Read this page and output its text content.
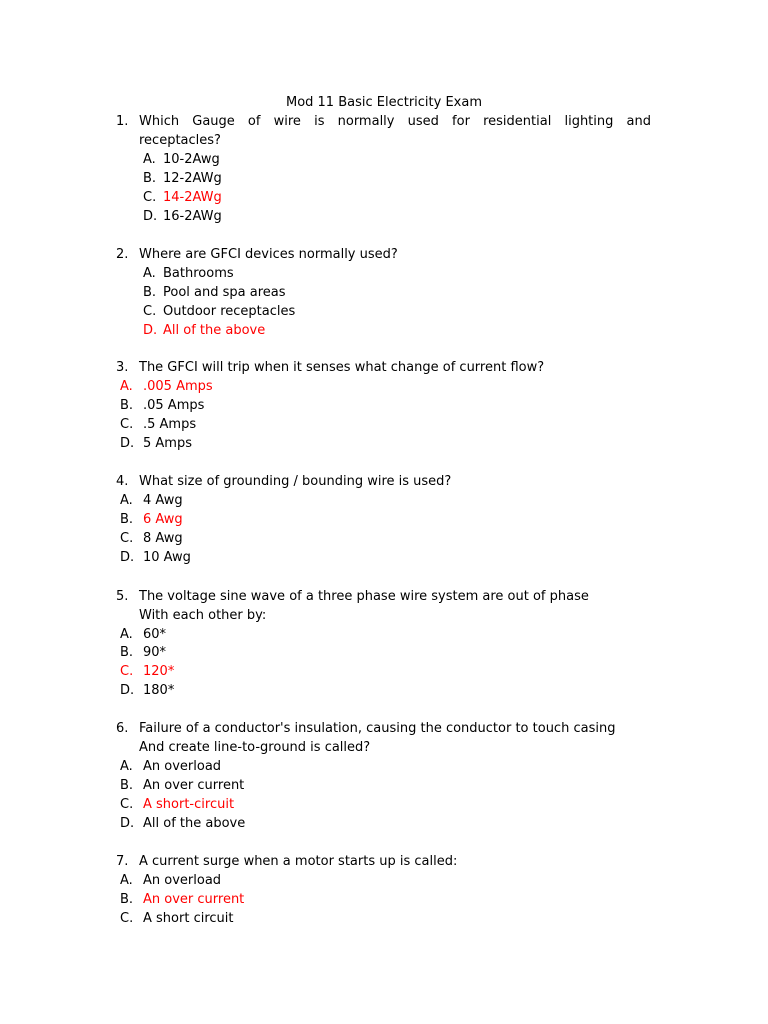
Mod 11 Basic Electricity Exam
1. Which Gauge of wire is normally used for residential lighting and
receptacles?
A. 10-2Awg
B. 12-2AWg
C. 14-2AWg
D. 16-2AWg
2. Where are GFCI devices normally used?
A. Bathrooms
B. Pool and spa areas
C. Outdoor receptacles
D. All of the above
3. The GFCI will trip when it senses what change of current flow?
A. .005 Amps
B. .05 Amps
C. .5 Amps
D. 5 Amps
4. What size of grounding / bounding wire is used?
A. 4 Awg
B. 6 Awg
C. 8 Awg
D. 10 Awg
5. The voltage sine wave of a three phase wire system are out of phase
With each other by:
A. 60*
B. 90*
C. 120*
D. 180*
6. Failure of a conductor's insulation, causing the conductor to touch casing
And create line-to-ground is called?
A. An overload
B. An over current
C. A short-circuit
D. All of the above
7. A current surge when a motor starts up is called:
A. An overload
B. An over current
C. A short circuit
